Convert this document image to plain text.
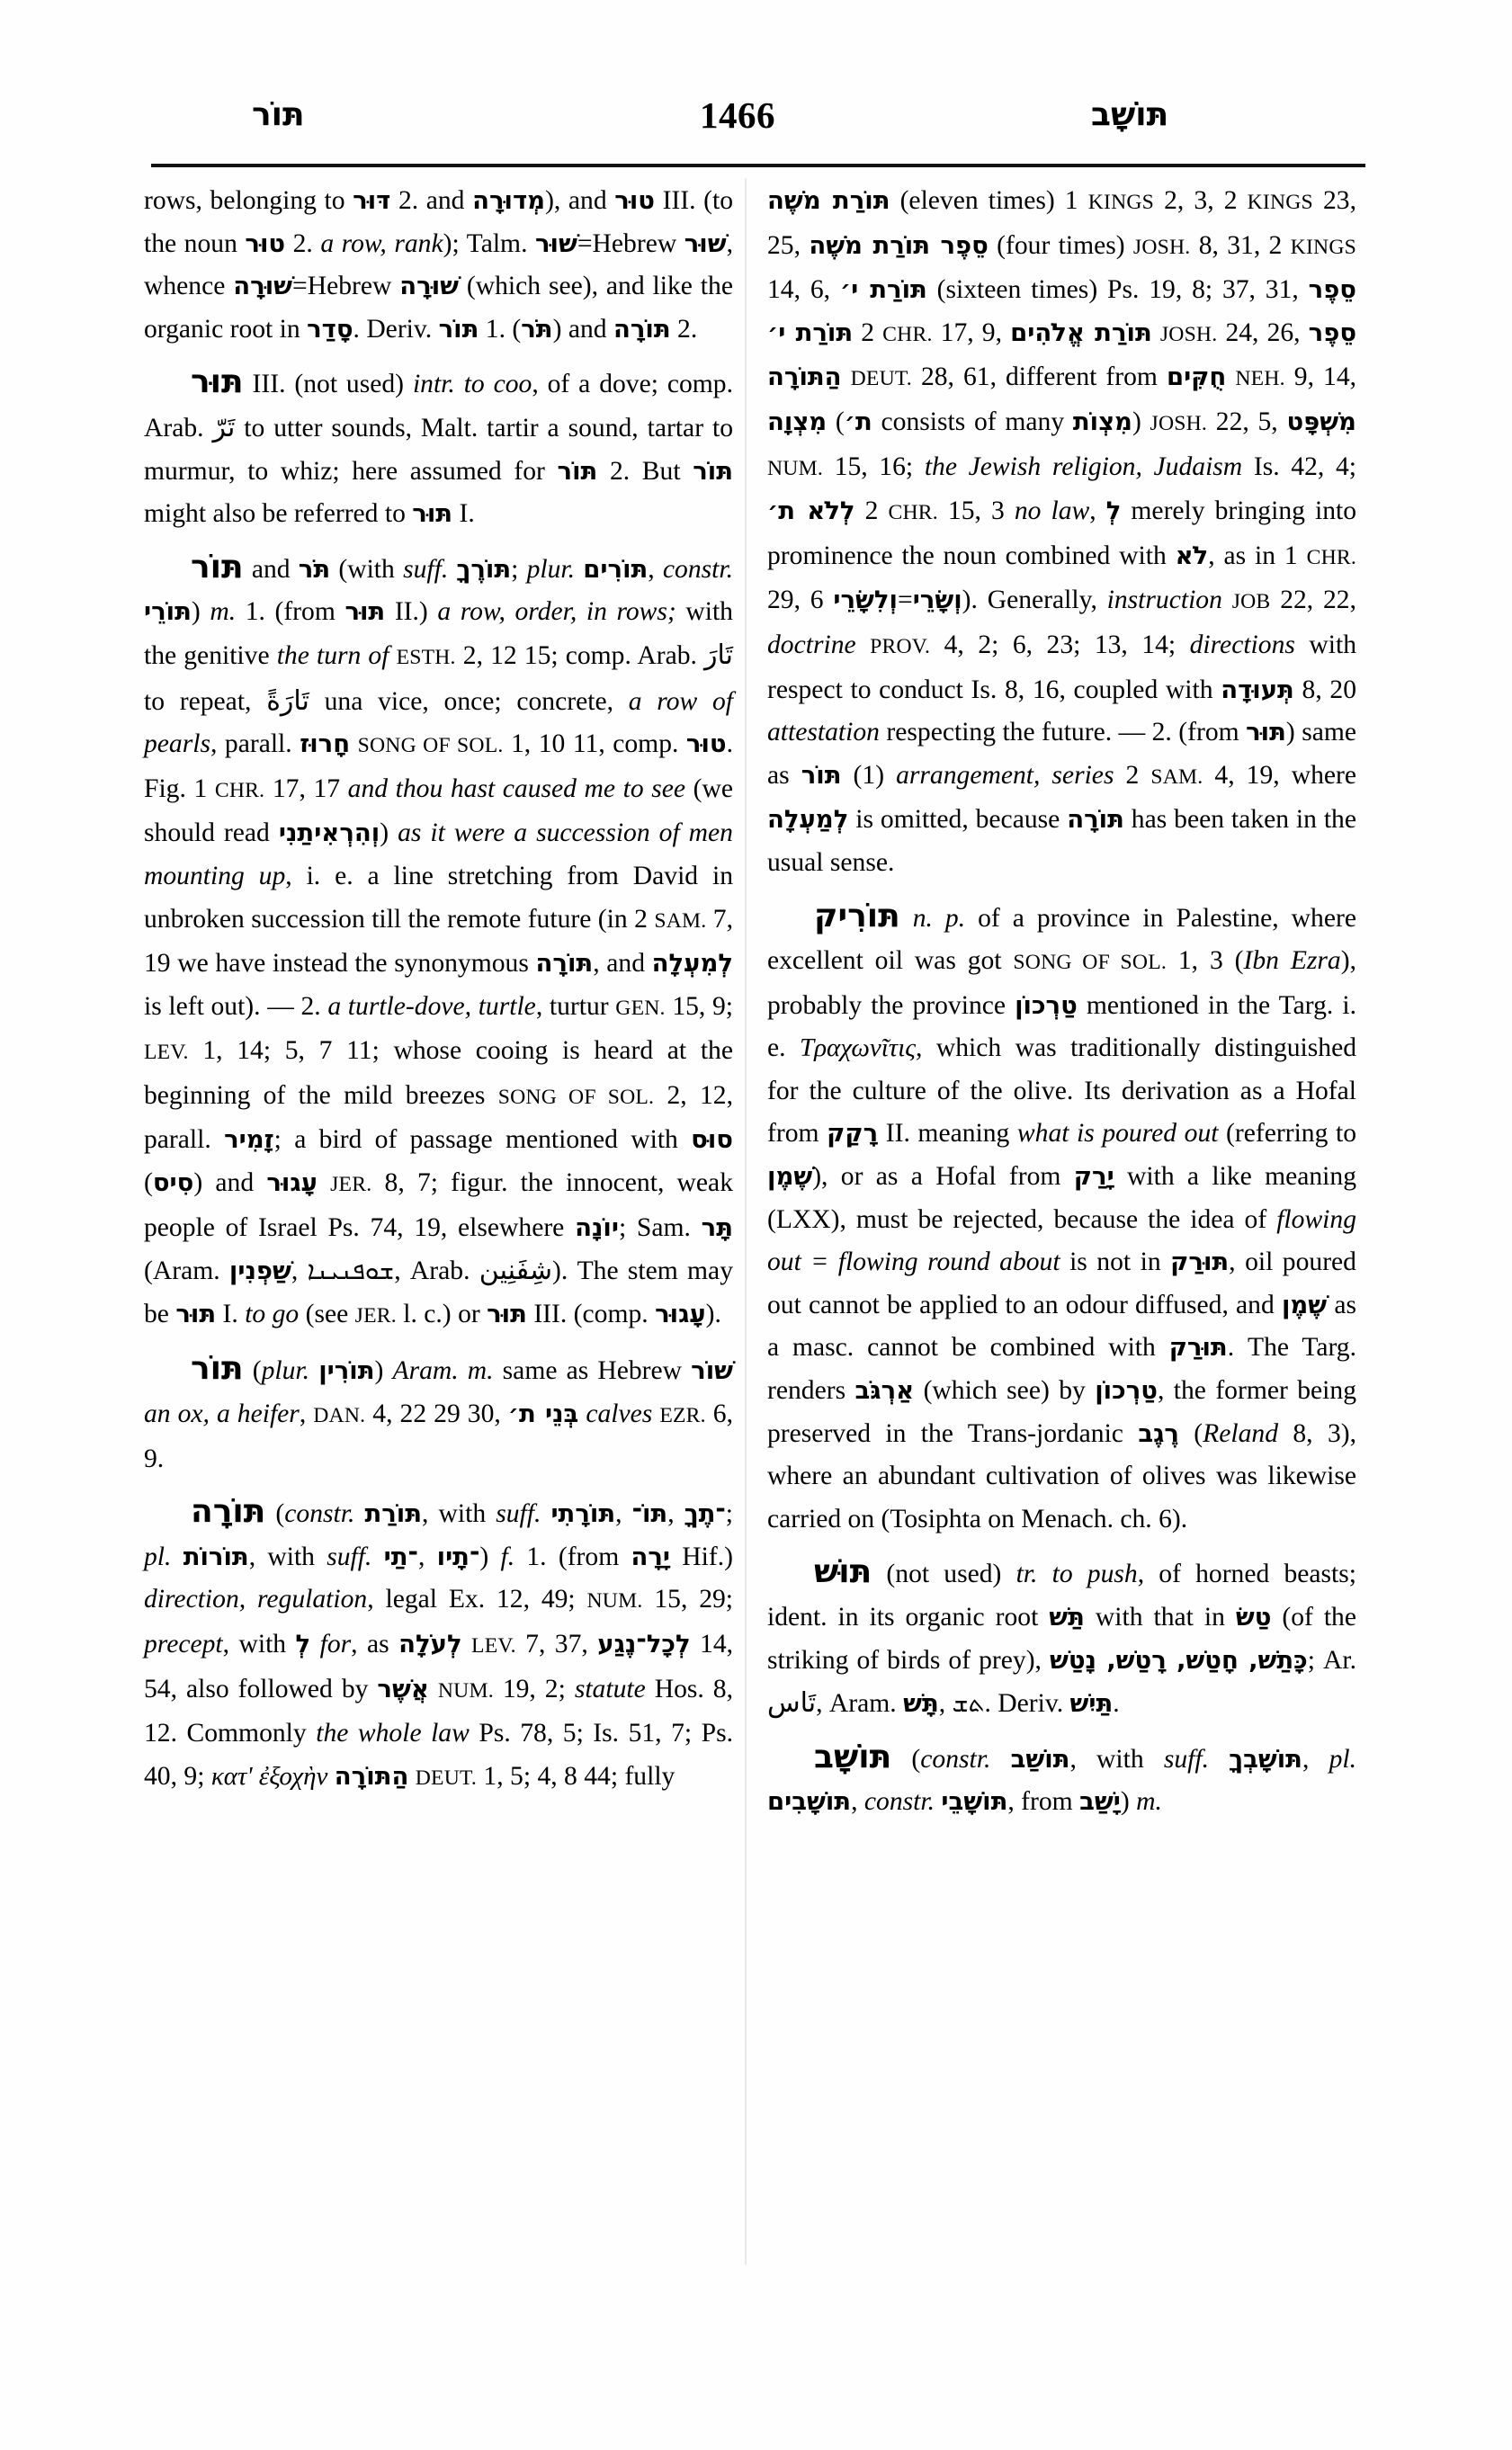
תּוֹר	1466	תּוֹשָׁב

rows, belonging to דּוּר 2. and מְדוּרָה), and טוּר III. (to the noun טוּר 2. a row, rank); Talm. שׁוּר=Hebrew שׁוּר, whence שׁוּרָה=Hebrew שׁוּרָה (which see), and like the organic root in סָדַר. Deriv. תּוֹר 1. (תֹּר) and תּוֹרָה 2.

תּוּר III. (not used) intr. to coo, of a dove; comp. Arab. تَرّ to utter sounds, Malt. tartir a sound, tartar to murmur, to whiz; here assumed for תּוֹר 2. But תּוֹר might also be referred to תּוּר I.

תּוֹר and תֹּר (with suff. תּוֹרֶךָ; plur. תּוֹרִים, constr. תּוֹרֵי) m. 1. (from תּוּר II.) a row, order, in rows; with the genitive the turn of ESTH. 2, 12 15; comp. Arab. تَارَ to repeat, تَارَةً una vice, once; concrete, a row of pearls, parall. חָרוּז SONG OF SOL. 1, 10 11, comp. טוּר. Fig. 1 CHR. 17, 17 and thou hast caused me to see (we should read וְהִרְאִיתַנִי) as it were a succession of men mounting up, i. e. a line stretching from David in unbroken succession till the remote future (in 2 SAM. 7, 19 we have instead the synonymous תּוֹרָה, and לְמִעְלָה is left out). — 2. a turtle-dove, turtle, turtur GEN. 15, 9; LEV. 1, 14; 5, 7 11; whose cooing is heard at the beginning of the mild breezes SONG OF SOL. 2, 12, parall. זָמִיר; a bird of passage mentioned with סוּס (סִיס) and עָגוּר JER. 8, 7; figur. the innocent, weak people of Israel Ps. 74, 19, elsewhere יוֹנָה; Sam. תָּר (Aram. שַׁפְנִין, ܫܘܦܢܝܢܐ, Arab. شِفَنِين). The stem may be תּוּר I. to go (see JER. l. c.) or תּוּר III. (comp. עָגוּר).

תּוֹר (plur. תּוֹרִין) Aram. m. same as Hebrew שׁוֹר an ox, a heifer, DAN. 4, 22 29 30, בְּנֵי ת׳ calves EZR. 6, 9.

תּוֹרָה (constr. תּוֹרַת, with suff. תּוֹרָתִי, תּוֹ־, ־תֶךָ; pl. תּוֹרוֹת, with suff. ־תַי, ־תָיו) f. 1. (from יָרָה Hif.) direction, regulation, legal Ex. 12, 49; NUM. 15, 29; precept, with לְ for, as לְעֹלָה LEV. 7, 37, לְכָל־נֶגַע 14, 54, also followed by אֲשֶׁר NUM. 19, 2; statute Hos. 8, 12. Commonly the whole law Ps. 78, 5; Is. 51, 7; Ps. 40, 9; κατ' ἐξοχὴν הַתּוֹרָה DEUT. 1, 5; 4, 8 44; fully

תּוֹרַת מֹשֶׁה (eleven times) 1 KINGS 2, 3, 2 KINGS 23, 25, סֵפֶר תּוֹרַת מֹשֶׁה (four times) JOSH. 8, 31, 2 KINGS 14, 6, תּוֹרַת י׳ (sixteen times) Ps. 19, 8; 37, 31, סֵפֶר תּוֹרַת י׳ 2 CHR. 17, 9, תּוֹרַת אֱלֹהִים JOSH. 24, 26, סֵפֶר הַתּוֹרָה DEUT. 28, 61, different from חֻקִּים NEH. 9, 14, מִצְוָה (ת׳ consists of many מִצְוֹת) JOSH. 22, 5, מִשְׁפָּט NUM. 15, 16; the Jewish religion, Judaism Is. 42, 4; לְלֹא ת׳ 2 CHR. 15, 3 no law, לְ merely bringing into prominence the noun combined with לֹא, as in 1 CHR. 29, 6 וְלִשָׂרֵי=וְשָׂרֵי). Generally, instruction JOB 22, 22, doctrine PROV. 4, 2; 6, 23; 13, 14; directions with respect to conduct Is. 8, 16, coupled with תְּעוּדָה 8, 20 attestation respecting the future. — 2. (from תּוּר) same as תּוֹר (1) arrangement, series 2 SAM. 4, 19, where לְמַעְלָה is omitted, because תּוֹרָה has been taken in the usual sense.

תּוֹרִיק n. p. of a province in Palestine, where excellent oil was got SONG OF SOL. 1, 3 (Ibn Ezra), probably the province טַרְכוֹן mentioned in the Targ. i. e. Τραχωνῖτις, which was traditionally distinguished for the culture of the olive. Its derivation as a Hofal from רָקַק II. meaning what is poured out (referring to שֶׁמֶן), or as a Hofal from יָרַק with a like meaning (LXX), must be rejected, because the idea of flowing out = flowing round about is not in תּוּרַק, oil poured out cannot be applied to an odour diffused, and שֶׁמֶן as a masc. cannot be combined with תּוּרַק. The Targ. renders אַרְגֹּב (which see) by טַרְכוֹן, the former being preserved in the Trans-jordanic רֶגֶב (Reland 8, 3), where an abundant cultivation of olives was likewise carried on (Tosiphta on Menach. ch. 6).

תּוּשׁ (not used) tr. to push, of horned beasts; ident. in its organic root תַּשׁ with that in טַשׂ (of the striking of birds of prey), כָּתַשׁ, חָטַשׁ, רָטַשׁ, נָטַשׁ; Ar. تَاس, Aram. תָּשׁ, ܬܫ. Deriv. תַּיִשׁ.

תּוֹשָׁב (constr. תּוֹשַׁב, with suff. תּוֹשָׁבְךָ, pl. תּוֹשָׁבִים, constr. תּוֹשָׁבֵי, from יָשַׁב) m.
